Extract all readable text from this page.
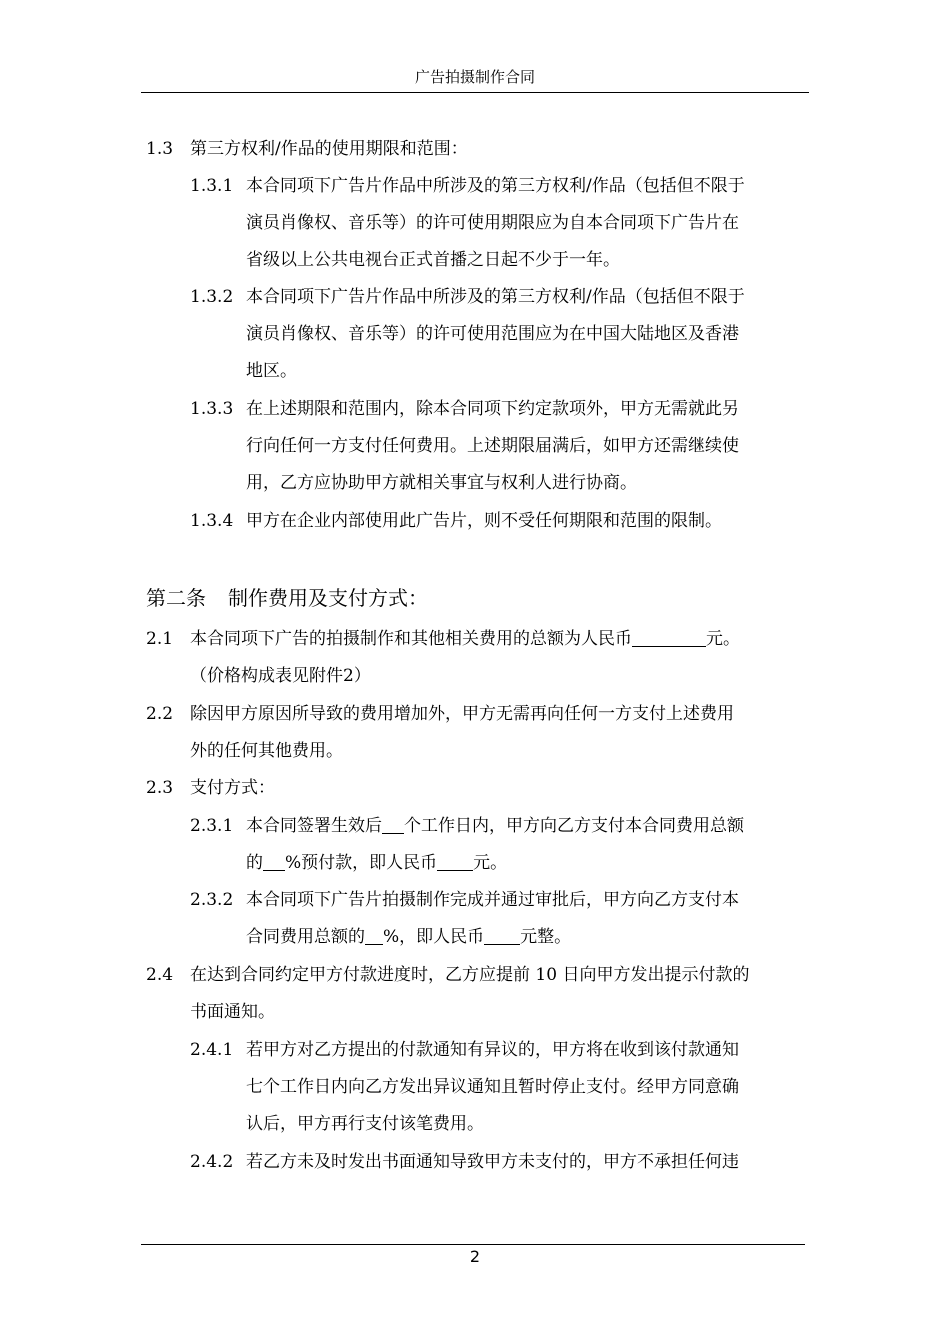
广告拍摄制作合同
1.3 第三方权利/作品的使用期限和范围：
1.3.1 本合同项下广告片作品中所涉及的第三方权利/作品（包括但不限于
演员肖像权、音乐等）的许可使用期限应为自本合同项下广告片在
省级以上公共电视台正式首播之日起不少于一年。
1.3.2 本合同项下广告片作品中所涉及的第三方权利/作品（包括但不限于
演员肖像权、音乐等）的许可使用范围应为在中国大陆地区及香港
地区。
1.3.3 在上述期限和范围内，除本合同项下约定款项外，甲方无需就此另
行向任何一方支付任何费用。上述期限届满后，如甲方还需继续使
用，乙方应协助甲方就相关事宜与权利人进行协商。
1.3.4 甲方在企业内部使用此广告片，则不受任何期限和范围的限制。
第二条 制作费用及支付方式：
2.1 本合同项下广告的拍摄制作和其他相关费用的总额为人民币	元。
（价格构成表见附件2）
2.2 除因甲方原因所导致的费用增加外，甲方无需再向任何一方支付上述费用
外的任何其他费用。
2.3 支付方式：
2.3.1 本合同签署生效后 个工作日内，甲方向乙方支付本合同费用总额
的 %预付款，即人民币 元。
2.3.2 本合同项下广告片拍摄制作完成并通过审批后，甲方向乙方支付本
合同费用总额的 %，即人民币 元整。
2.4 在达到合同约定甲方付款进度时，乙方应提前 10 日向甲方发出提示付款的
书面通知。
2.4.1 若甲方对乙方提出的付款通知有异议的，甲方将在收到该付款通知
七个工作日内向乙方发出异议通知且暂时停止支付。经甲方同意确
认后，甲方再行支付该笔费用。
2.4.2 若乙方未及时发出书面通知导致甲方未支付的，甲方不承担任何违
2
